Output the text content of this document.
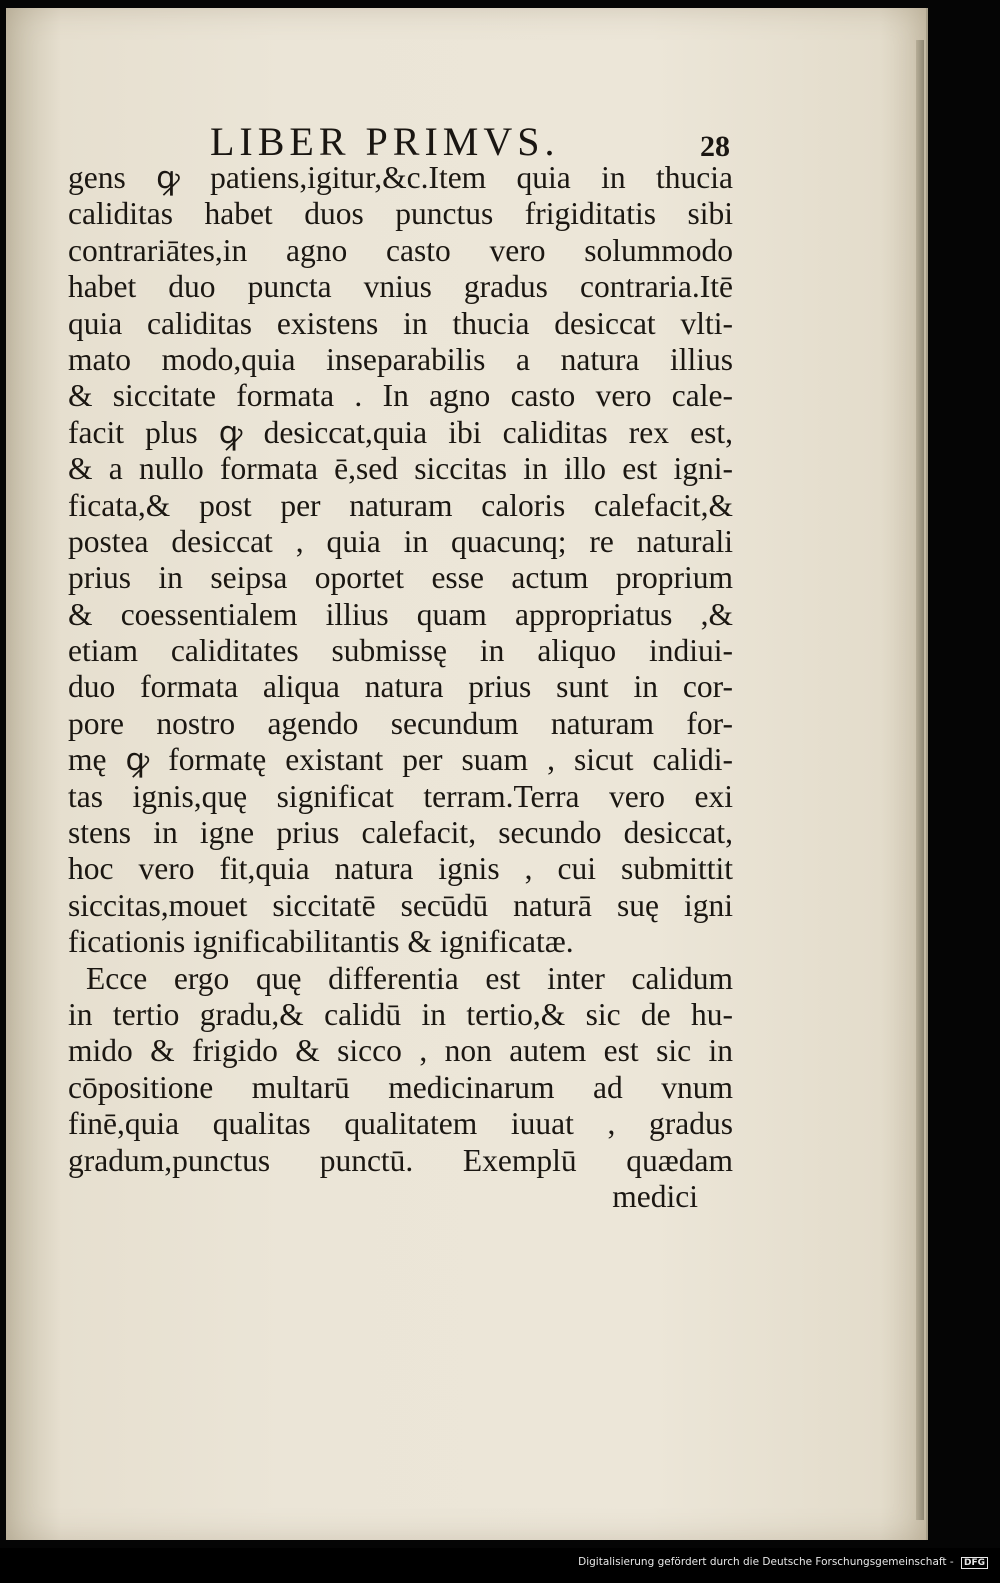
LIBER PRIMVS.	28
gens ꝙ patiens,igitur,&c.Item quia in thucia
caliditas habet duos punctus frigiditatis sibi
contrariātes,in agno casto vero solummodo
habet duo puncta vnius gradus contraria.Itē
quia caliditas existens in thucia desiccat vlti-
mato modo,quia inseparabilis a natura illius
& siccitate formata . In agno casto vero cale-
facit plus ꝙ desiccat,quia ibi caliditas rex est,
& a nullo formata ē,sed siccitas in illo est igni-
ficata,& post per naturam caloris calefacit,&
postea desiccat , quia in quacunq; re naturali
prius in seipsa oportet esse actum proprium
& coessentialem illius quam appropriatus ,&
etiam caliditates submissę in aliquo indiui-
duo formata aliqua natura prius sunt in cor-
pore nostro agendo secundum naturam for-
mę ꝙ formatę existant per suam , sicut calidi-
tas ignis,quę significat terram.Terra vero exi
stens in igne prius calefacit, secundo desiccat,
hoc vero fit,quia natura ignis , cui submittit
siccitas,mouet siccitatē secūdū naturā suę igni
ficationis ignificabilitantis & ignificatæ.
Ecce ergo quę differentia est inter calidum
in tertio gradu,& calidū in tertio,& sic de hu-
mido & frigido & sicco , non autem est sic in
cōpositione multarū medicinarum ad vnum
finē,quia qualitas qualitatem iuuat , gradus
gradum,punctus punctū. Exemplū quædam
medici
Digitalisierung gefördert durch die Deutsche Forschungsgemeinschaft - DFG
